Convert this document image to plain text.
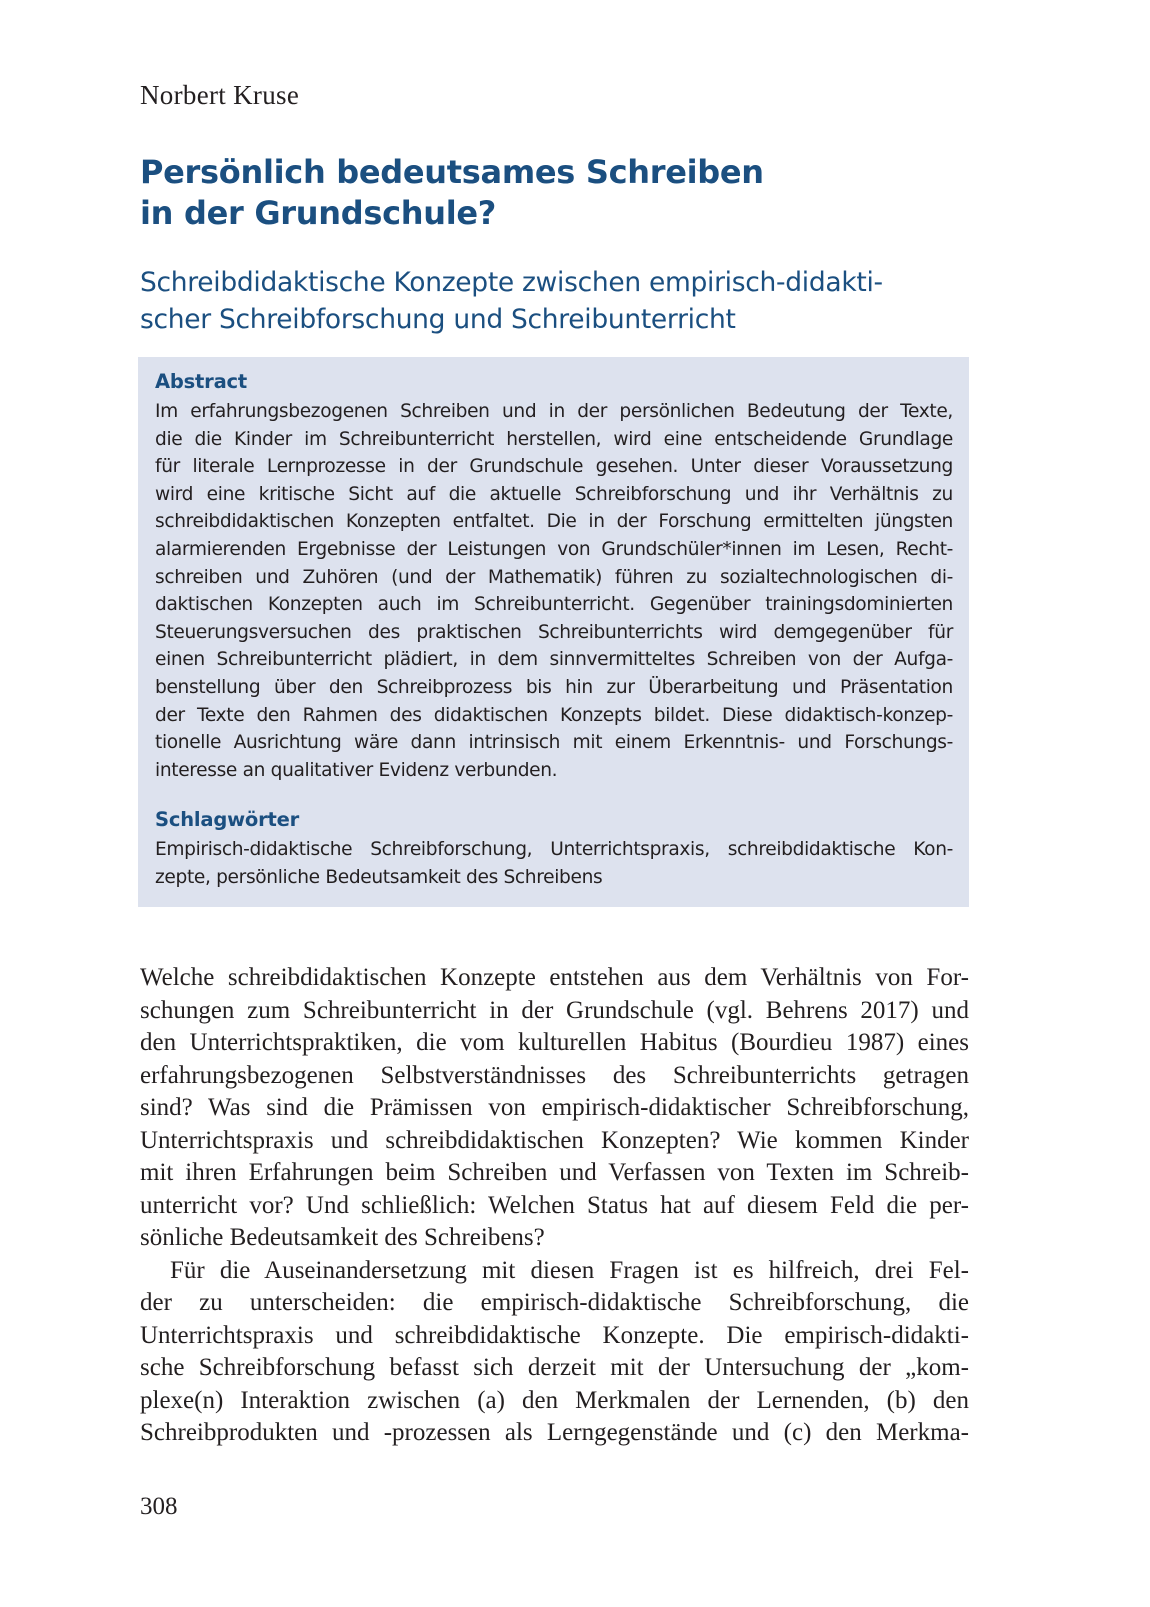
Norbert Kruse
Persönlich bedeutsames Schreiben
in der Grundschule?
Schreibdidaktische Konzepte zwischen empirisch-didakti-
scher Schreibforschung und Schreibunterricht
Abstract
Im erfahrungsbezogenen Schreiben und in der persönlichen Bedeutung der Texte,
die die Kinder im Schreibunterricht herstellen, wird eine entscheidende Grundlage
für literale Lernprozesse in der Grundschule gesehen. Unter dieser Voraussetzung
wird eine kritische Sicht auf die aktuelle Schreibforschung und ihr Verhältnis zu
schreibdidaktischen Konzepten entfaltet. Die in der Forschung ermittelten jüngsten
alarmierenden Ergebnisse der Leistungen von Grundschüler*innen im Lesen, Recht-
schreiben und Zuhören (und der Mathematik) führen zu sozialtechnologischen di-
daktischen Konzepten auch im Schreibunterricht. Gegenüber trainingsdominierten
Steuerungsversuchen des praktischen Schreibunterrichts wird demgegenüber für
einen Schreibunterricht plädiert, in dem sinnvermitteltes Schreiben von der Aufga-
benstellung über den Schreibprozess bis hin zur Überarbeitung und Präsentation
der Texte den Rahmen des didaktischen Konzepts bildet. Diese didaktisch-konzep-
tionelle Ausrichtung wäre dann intrinsisch mit einem Erkenntnis- und Forschungs-
interesse an qualitativer Evidenz verbunden.
Schlagwörter
Empirisch-didaktische Schreibforschung, Unterrichtspraxis, schreibdidaktische Kon-
zepte, persönliche Bedeutsamkeit des Schreibens
Welche schreibdidaktischen Konzepte entstehen aus dem Verhältnis von For-
schungen zum Schreibunterricht in der Grundschule (vgl. Behrens 2017) und
den Unterrichtspraktiken, die vom kulturellen Habitus (Bourdieu 1987) eines
erfahrungsbezogenen Selbstverständnisses des Schreibunterrichts getragen
sind? Was sind die Prämissen von empirisch-didaktischer Schreibforschung,
Unterrichtspraxis und schreibdidaktischen Konzepten? Wie kommen Kinder
mit ihren Erfahrungen beim Schreiben und Verfassen von Texten im Schreib-
unterricht vor? Und schließlich: Welchen Status hat auf diesem Feld die per-
sönliche Bedeutsamkeit des Schreibens?
Für die Auseinandersetzung mit diesen Fragen ist es hilfreich, drei Fel-
der zu unterscheiden: die empirisch-didaktische Schreibforschung, die
Unterrichtspraxis und schreibdidaktische Konzepte. Die empirisch-didakti-
sche Schreibforschung befasst sich derzeit mit der Untersuchung der „kom-
plexe(n) Interaktion zwischen (a) den Merkmalen der Lernenden, (b) den
Schreibprodukten und -prozessen als Lerngegenstände und (c) den Merkma-
308
